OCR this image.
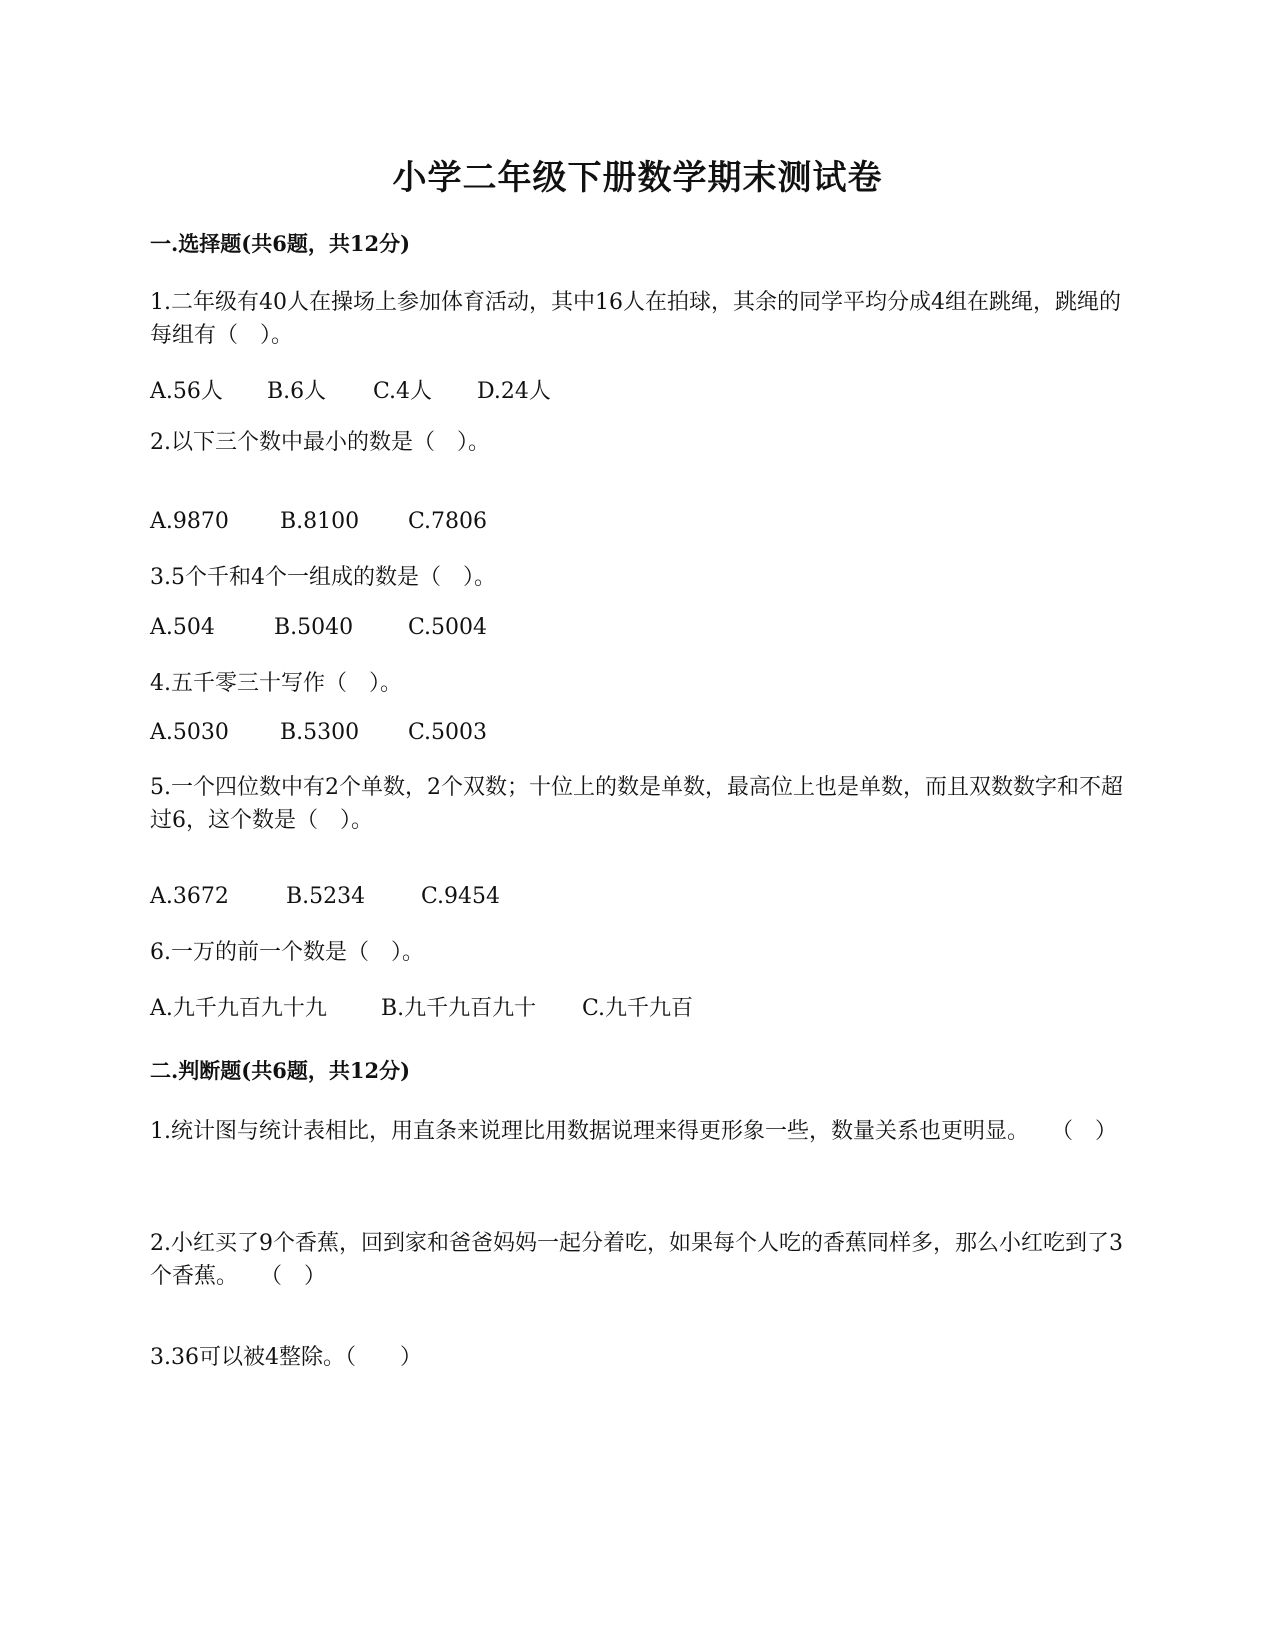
小学二年级下册数学期末测试卷
一.选择题(共6题，共12分)
1.二年级有40人在操场上参加体育活动，其中16人在拍球，其余的同学平均分成4组在跳绳，跳绳的每组有（　）。
A.56人 B.6人 C.4人 D.24人
2.以下三个数中最小的数是（　）。
A.9870 B.8100 C.7806
3.5个千和4个一组成的数是（　）。
A.504	B.5040 C.5004
4.五千零三十写作（　）。
A.5030 B.5300 C.5003
5.一个四位数中有2个单数，2个双数；十位上的数是单数，最高位上也是单数，而且双数数字和不超过6，这个数是（　）。
A.3672	B.5234	C.9454
6.一万的前一个数是（　）。
A.九千九百九十九 B.九千九百九十 C.九千九百
二.判断题(共6题，共12分)
1.统计图与统计表相比，用直条来说理比用数据说理来得更形象一些，数量关系也更明显。　　（　）
2.小红买了9个香蕉，回到家和爸爸妈妈一起分着吃，如果每个人吃的香蕉同样多，那么小红吃到了3个香蕉。　　（　）
3.36可以被4整除。（　　）
